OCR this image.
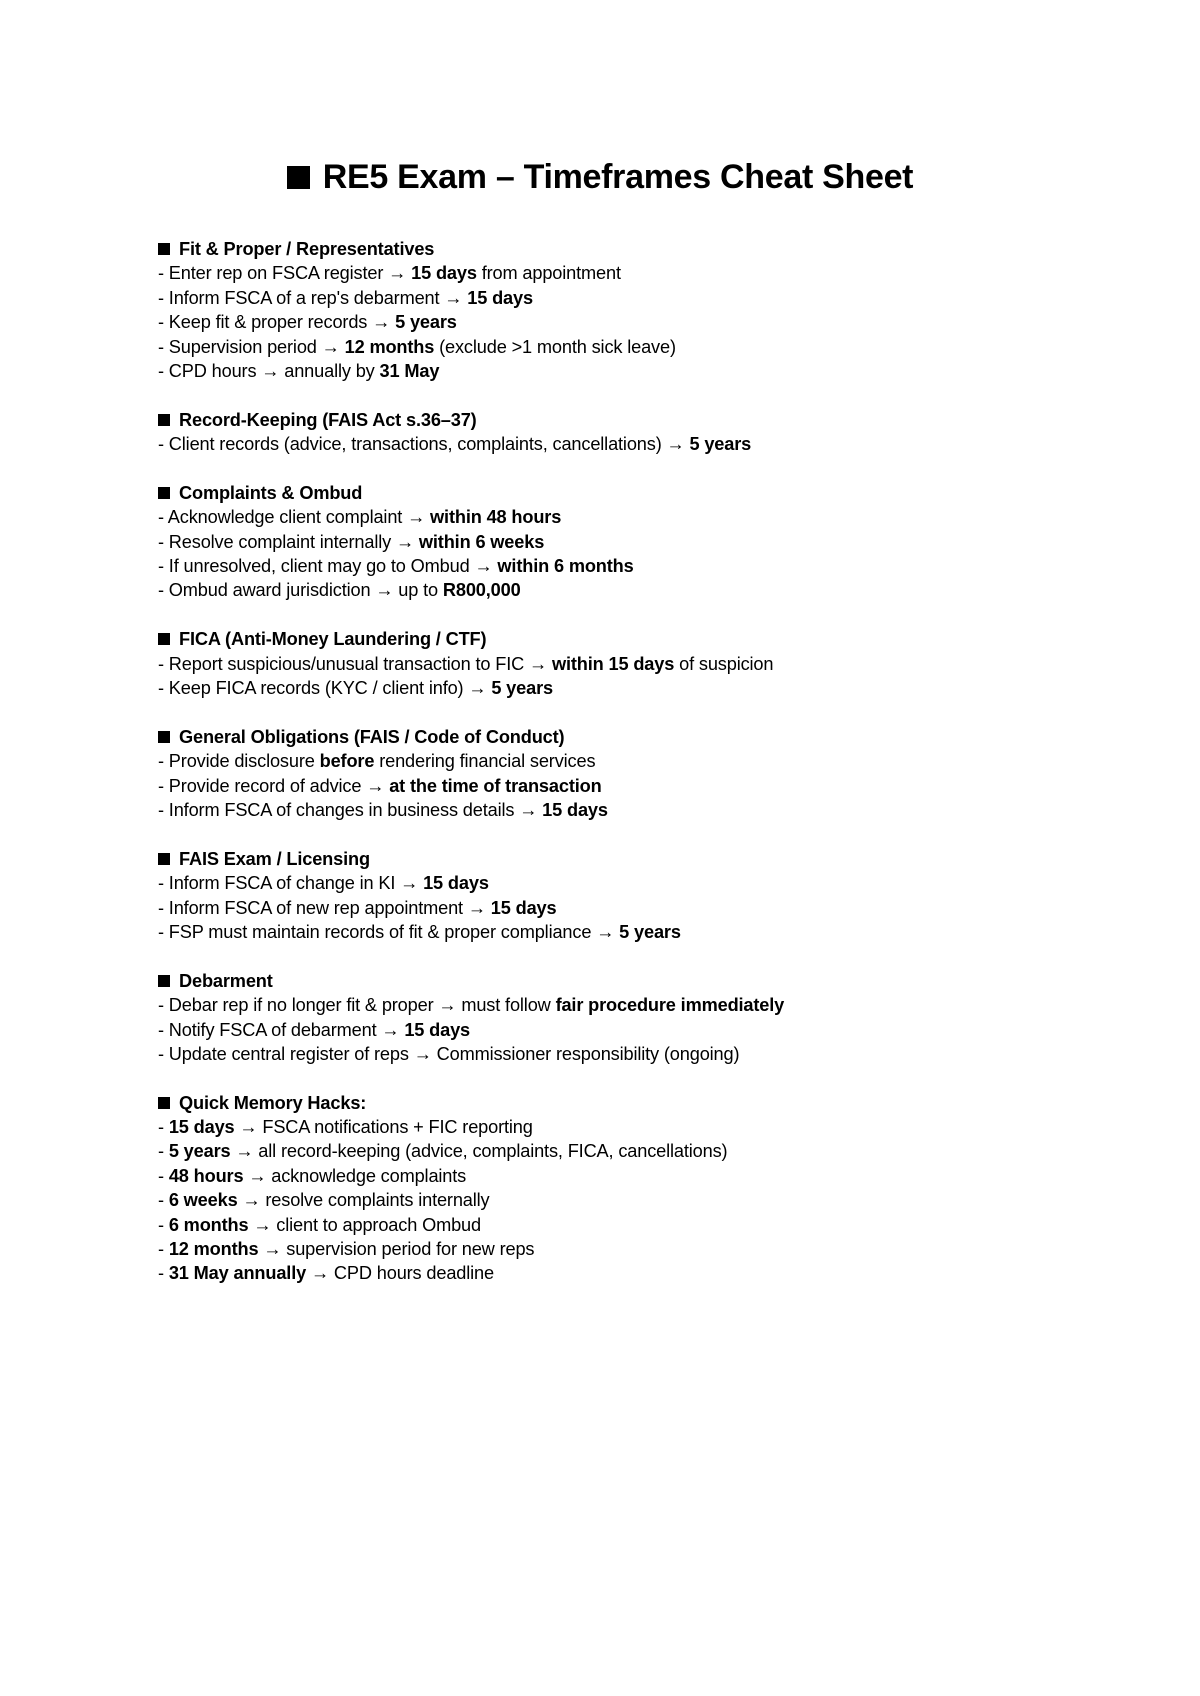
RE5 Exam – Timeframes Cheat Sheet
Fit & Proper / Representatives
- Enter rep on FSCA register → 15 days from appointment
- Inform FSCA of a rep's debarment → 15 days
- Keep fit & proper records → 5 years
- Supervision period → 12 months (exclude >1 month sick leave)
- CPD hours → annually by 31 May
Record-Keeping (FAIS Act s.36–37)
- Client records (advice, transactions, complaints, cancellations) → 5 years
Complaints & Ombud
- Acknowledge client complaint → within 48 hours
- Resolve complaint internally → within 6 weeks
- If unresolved, client may go to Ombud → within 6 months
- Ombud award jurisdiction → up to R800,000
FICA (Anti-Money Laundering / CTF)
- Report suspicious/unusual transaction to FIC → within 15 days of suspicion
- Keep FICA records (KYC / client info) → 5 years
General Obligations (FAIS / Code of Conduct)
- Provide disclosure before rendering financial services
- Provide record of advice → at the time of transaction
- Inform FSCA of changes in business details → 15 days
FAIS Exam / Licensing
- Inform FSCA of change in KI → 15 days
- Inform FSCA of new rep appointment → 15 days
- FSP must maintain records of fit & proper compliance → 5 years
Debarment
- Debar rep if no longer fit & proper → must follow fair procedure immediately
- Notify FSCA of debarment → 15 days
- Update central register of reps → Commissioner responsibility (ongoing)
Quick Memory Hacks:
- 15 days → FSCA notifications + FIC reporting
- 5 years → all record-keeping (advice, complaints, FICA, cancellations)
- 48 hours → acknowledge complaints
- 6 weeks → resolve complaints internally
- 6 months → client to approach Ombud
- 12 months → supervision period for new reps
- 31 May annually → CPD hours deadline
